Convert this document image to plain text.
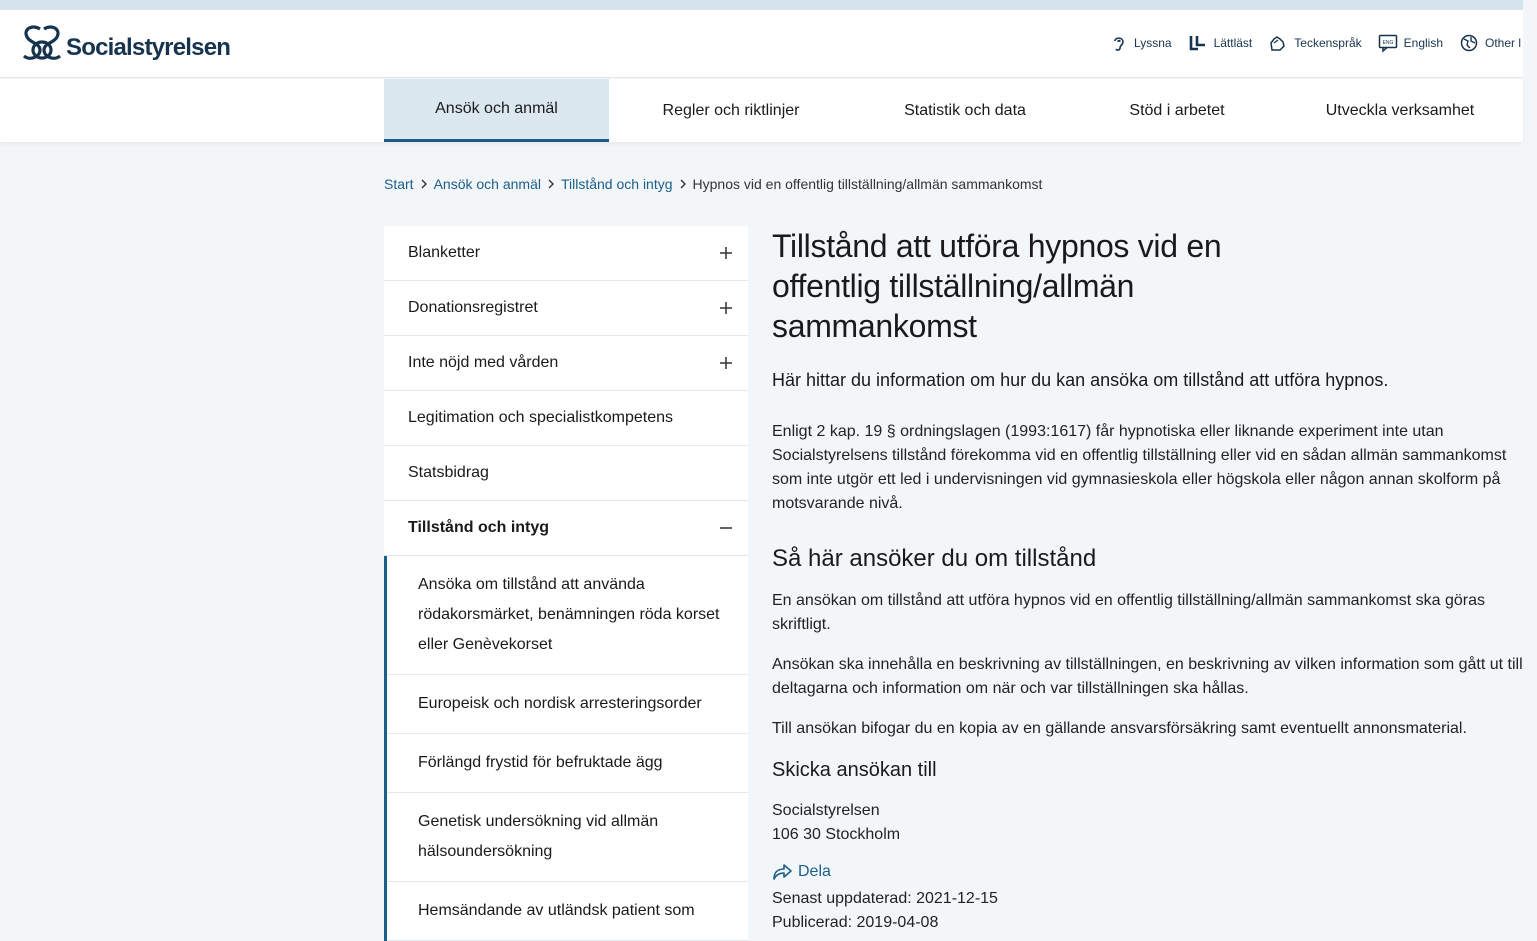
Socialstyrelsen	Lyssna	Lättläst	Teckenspråk	ENG English	Other l
Ansök och anmäl	Regler och riktlinjer	Statistik och data	Stöd i arbetet	Utveckla verksamhet
Start Ansök och anmäl Tillstånd och intyg Hypnos vid en offentlig tillställning/allmän sammankomst
Blanketter
Donationsregistret
Inte nöjd med vården
Legitimation och specialistkompetens
Statsbidrag
Tillstånd och intyg
Ansöka om tillstånd att använda rödakorsmärket, benämningen röda korset eller Genèvekorset
Europeisk och nordisk arresteringsorder
Förlängd frystid för befruktade ägg
Genetisk undersökning vid allmän hälsoundersökning
Hemsändande av utländsk patient som
Tillstånd att utföra hypnos vid en offentlig tillställning/allmän sammankomst

Här hittar du information om hur du kan ansöka om tillstånd att utföra hypnos.

Enligt 2 kap. 19 § ordningslagen (1993:1617) får hypnotiska eller liknande experiment inte utan Socialstyrelsens tillstånd förekomma vid en offentlig tillställning eller vid en sådan allmän sammankomst som inte utgör ett led i undervisningen vid gymnasieskola eller högskola eller någon annan skolform på motsvarande nivå.

Så här ansöker du om tillstånd

En ansökan om tillstånd att utföra hypnos vid en offentlig tillställning/allmän sammankomst ska göras skriftligt.

Ansökan ska innehålla en beskrivning av tillställningen, en beskrivning av vilken information som gått ut till deltagarna och information om när och var tillställningen ska hållas.

Till ansökan bifogar du en kopia av en gällande ansvarsförsäkring samt eventuellt annonsmaterial.

Skicka ansökan till

Socialstyrelsen

106 30 Stockholm

Dela

Senast uppdaterad: 2021-12-15

Publicerad: 2019-04-08
